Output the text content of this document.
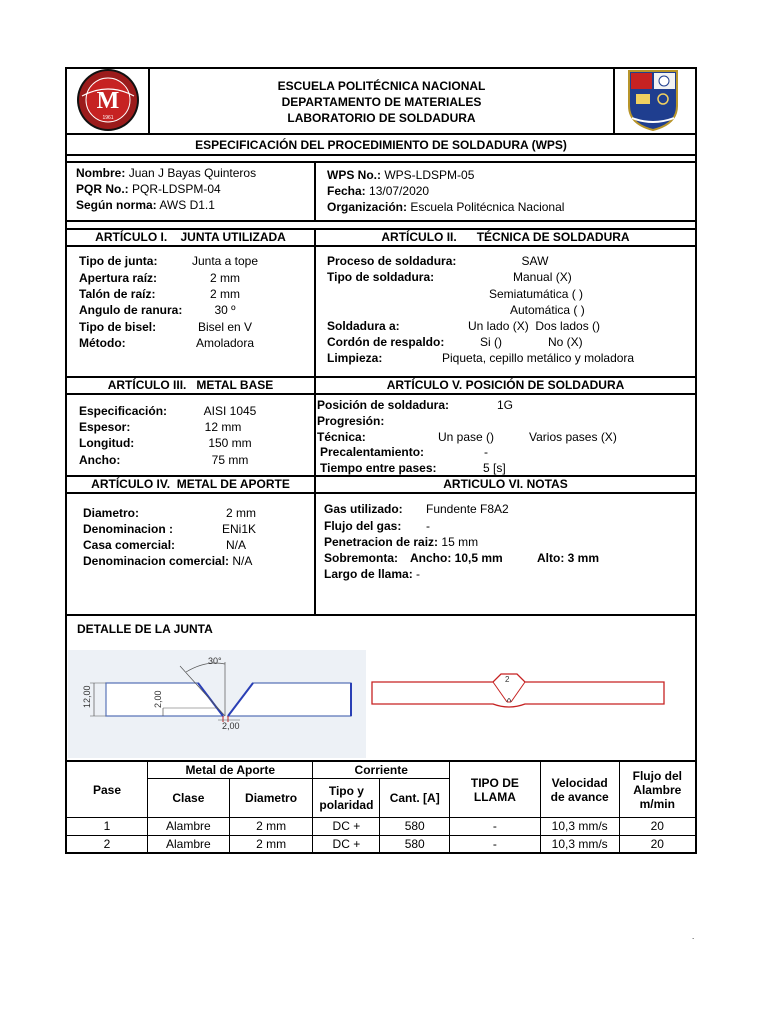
M
1961
ESCUELA POLITÉCNICA NACIONAL
DEPARTAMENTO DE MATERIALES
LABORATORIO DE SOLDADURA
ESPECIFICACIÓN DEL PROCEDIMIENTO DE SOLDADURA (WPS)
Nombre: Juan J Bayas Quinteros
PQR No.: PQR-LDSPM-04
Según norma: AWS D1.1
WPS No.: WPS-LDSPM-05
Fecha: 13/07/2020
Organización: Escuela Politécnica Nacional
ARTÍCULO I.    JUNTA UTILIZADA	ARTÍCULO II.      TÉCNICA DE SOLDADURA
Tipo de junta:	Junta a tope
Apertura raíz:	2 mm
Talón de raíz:	2 mm
Angulo de ranura:	30 º
Tipo de bisel:	Bisel en V
Método:	Amoladora
Proceso de soldadura:	SAW
Tipo de soldadura:	Manual (X)
Semiatumática ( )
Automática ( )
Soldadura a:	Un lado (X)  Dos lados ()
Cordón de respaldo:	Si ()	No (X)
Limpieza:	Piqueta, cepillo metálico y moladora
ARTÍCULO III.   METAL BASE	ARTÍCULO V. POSICIÓN DE SOLDADURA
Especificación:	AISI 1045
Espesor:	12 mm
Longitud:	150 mm
Ancho:	75 mm
Posición de soldadura:	1G
Progresión:
Técnica:	Un pase ()	Varios pases (X)
Precalentamiento:	-
Tiempo entre pases:	5 [s]
ARTÍCULO IV.  METAL DE APORTE	ARTICULO VI. NOTAS
Diametro:	2 mm
Denominacion :	ENi1K
Casa comercial:	N/A
Denominacion comercial: N/A
Gas utilizado: Fundente F8A2
Flujo del gas: -
Penetracion de raiz: 15 mm
Sobremonta: Ancho: 10,5 mm	Alto: 3 mm
Largo de llama: -
DETALLE DE LA JUNTA
30°
12,00	2,00
2,00
2
Pase	Metal de Aporte		Corriente		TIPO DE LLAMA	Velocidad de avance	Flujo del Alambre m/min
	Clase	Diametro	Tipo y polaridad	Cant. [A]			
1	Alambre	2 mm	DC +	580	-	10,3 mm/s	20
2	Alambre	2 mm	DC +	580	-	10,3 mm/s	20
.
